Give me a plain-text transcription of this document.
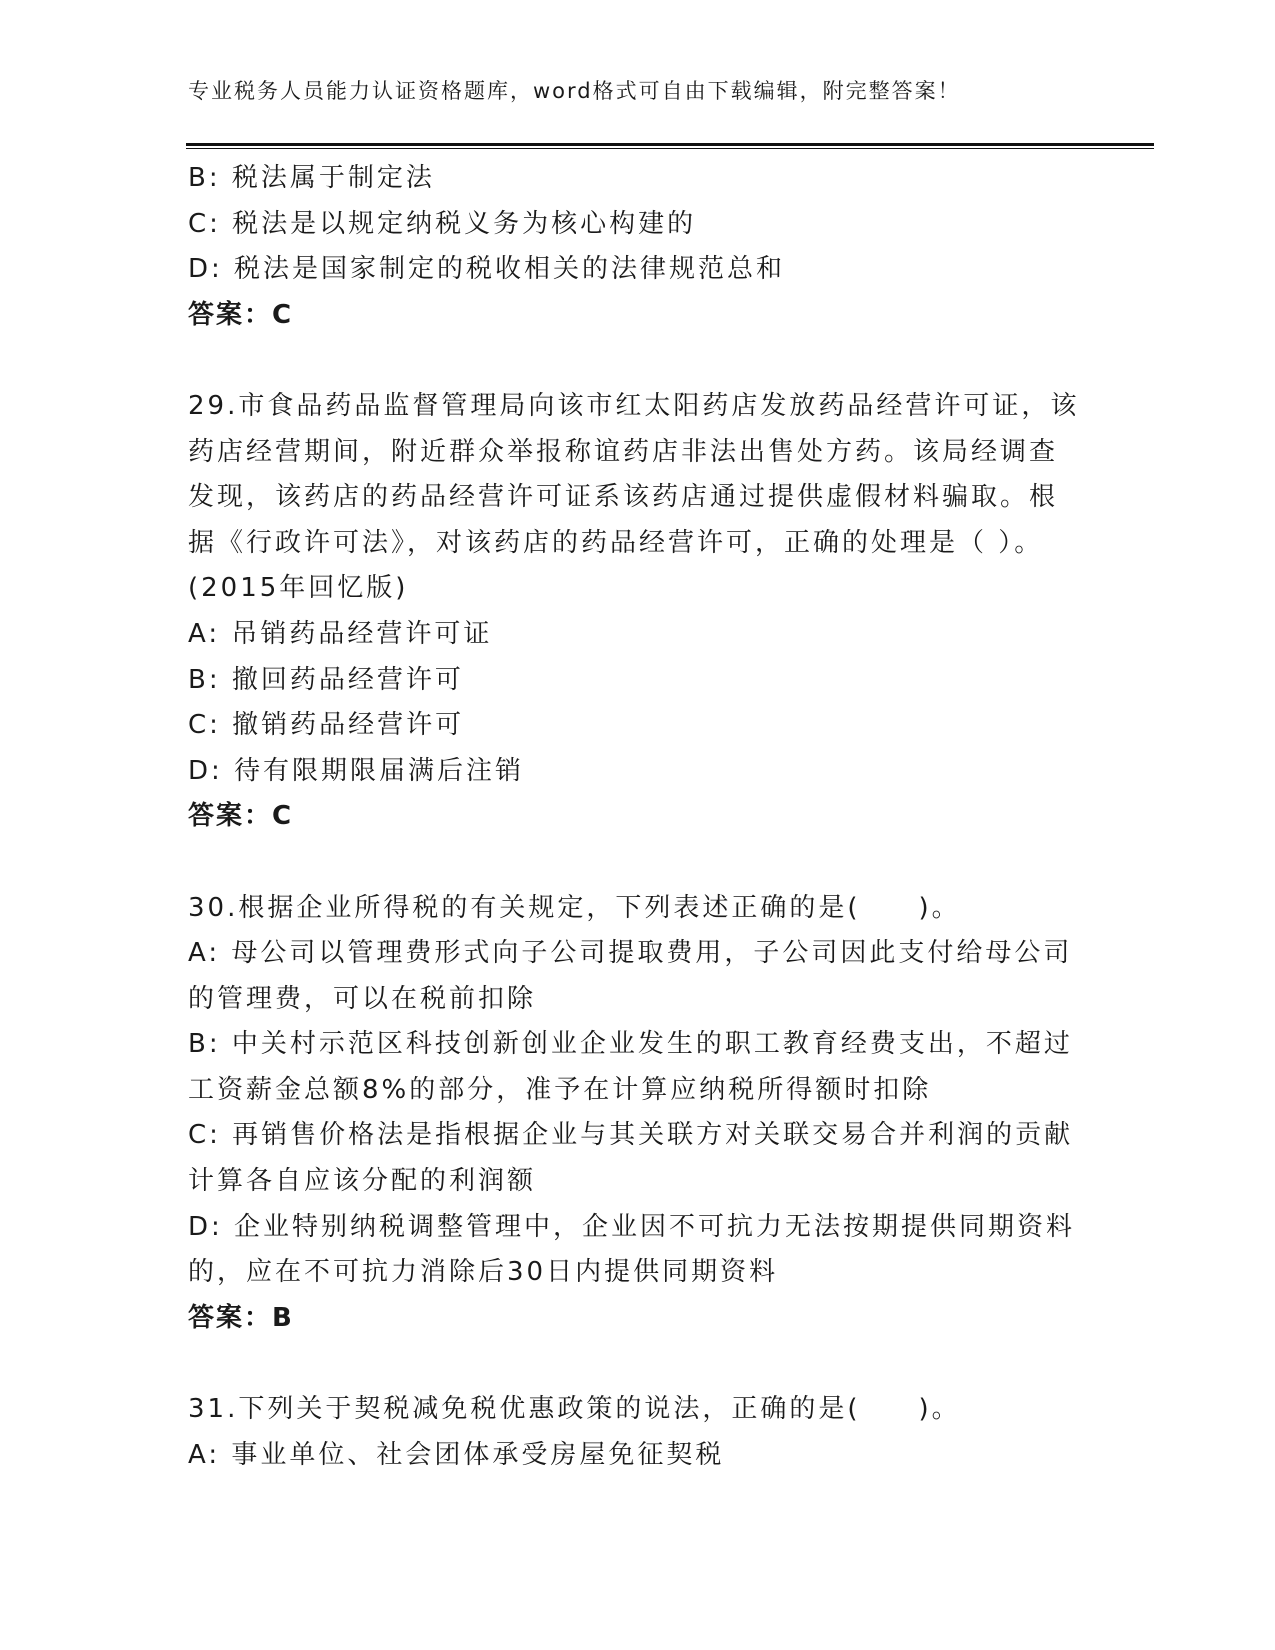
专业税务人员能力认证资格题库，word格式可自由下载编辑，附完整答案！
B: 税法属于制定法
C: 税法是以规定纳税义务为核心构建的
D: 税法是国家制定的税收相关的法律规范总和
答案：C
29.市食品药品监督管理局向该市红太阳药店发放药品经营许可证，该
药店经营期间，附近群众举报称谊药店非法出售处方药。该局经调查
发现，该药店的药品经营许可证系该药店通过提供虚假材料骗取。根
据《行政许可法》，对该药店的药品经营许可，正确的处理是（ ）。
(2015年回忆版)
A: 吊销药品经营许可证
B: 撤回药品经营许可
C: 撤销药品经营许可
D: 待有限期限届满后注销
答案：C
30.根据企业所得税的有关规定，下列表述正确的是(　　)。
A: 母公司以管理费形式向子公司提取费用，子公司因此支付给母公司
的管理费，可以在税前扣除
B: 中关村示范区科技创新创业企业发生的职工教育经费支出，不超过
工资薪金总额8%的部分，准予在计算应纳税所得额时扣除
C: 再销售价格法是指根据企业与其关联方对关联交易合并利润的贡献
计算各自应该分配的利润额
D: 企业特别纳税调整管理中，企业因不可抗力无法按期提供同期资料
的，应在不可抗力消除后30日内提供同期资料
答案：B
31.下列关于契税减免税优惠政策的说法，正确的是(　　)。
A: 事业单位、社会团体承受房屋免征契税
